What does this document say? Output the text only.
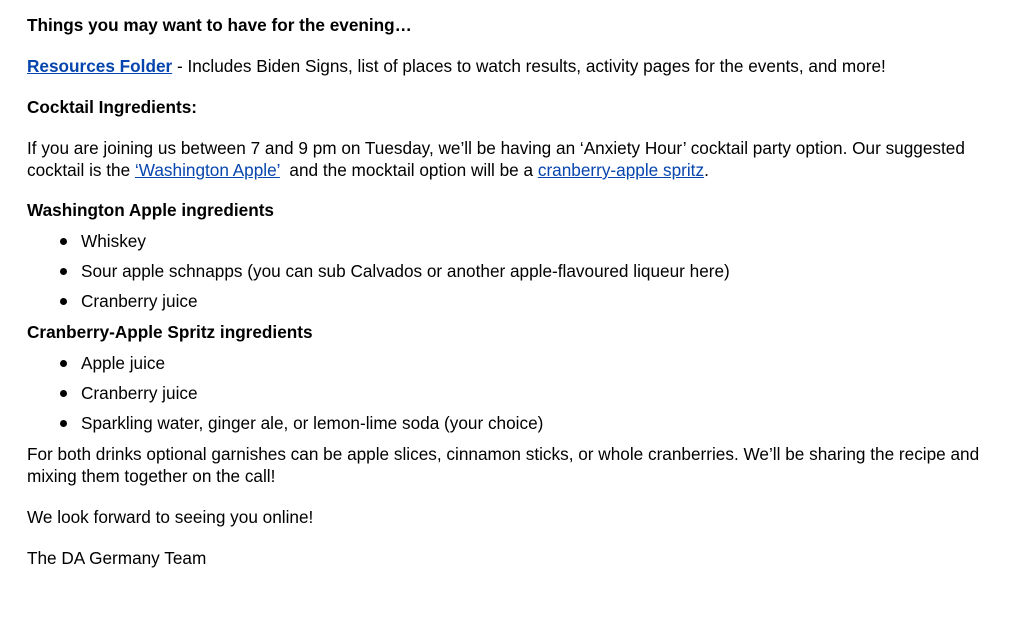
Things you may want to have for the evening…

Resources Folder - Includes Biden Signs, list of places to watch results, activity pages for the events, and more!

Cocktail Ingredients:

If you are joining us between 7 and 9 pm on Tuesday, we’ll be having an ‘Anxiety Hour’ cocktail party option. Our suggested cocktail is the ‘Washington Apple’  and the mocktail option will be a cranberry-apple spritz.

Washington Apple ingredients

Whiskey
Sour apple schnapps (you can sub Calvados or another apple-flavoured liqueur here)
Cranberry juice

Cranberry-Apple Spritz ingredients

Apple juice
Cranberry juice
Sparkling water, ginger ale, or lemon-lime soda (your choice)

For both drinks optional garnishes can be apple slices, cinnamon sticks, or whole cranberries. We’ll be sharing the recipe and mixing them together on the call!

We look forward to seeing you online!

The DA Germany Team
